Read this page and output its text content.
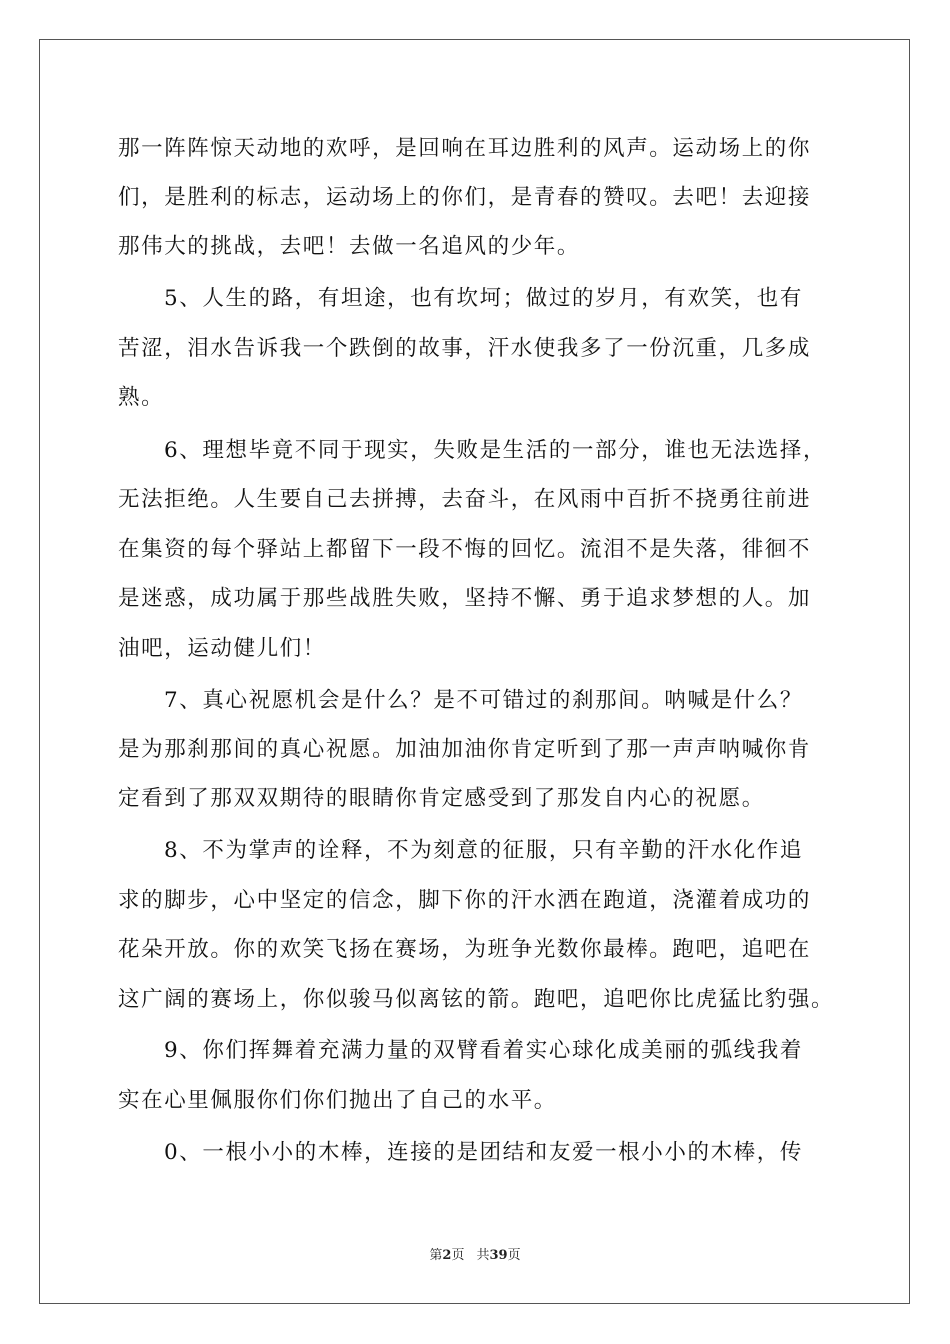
那一阵阵惊天动地的欢呼，是回响在耳边胜利的风声。运动场上的你
们，是胜利的标志，运动场上的你们，是青春的赞叹。去吧！去迎接
那伟大的挑战，去吧！去做一名追风的少年。
5、人生的路，有坦途，也有坎坷；做过的岁月，有欢笑，也有
苦涩，泪水告诉我一个跌倒的故事，汗水使我多了一份沉重，几多成
熟。
6、理想毕竟不同于现实，失败是生活的一部分，谁也无法选择，
无法拒绝。人生要自己去拼搏，去奋斗，在风雨中百折不挠勇往前进
在集资的每个驿站上都留下一段不悔的回忆。流泪不是失落，徘徊不
是迷惑，成功属于那些战胜失败，坚持不懈、勇于追求梦想的人。加
油吧，运动健儿们！
7、真心祝愿机会是什么？是不可错过的刹那间。呐喊是什么？
是为那刹那间的真心祝愿。加油加油你肯定听到了那一声声呐喊你肯
定看到了那双双期待的眼睛你肯定感受到了那发自内心的祝愿。
8、不为掌声的诠释，不为刻意的征服，只有辛勤的汗水化作追
求的脚步，心中坚定的信念，脚下你的汗水洒在跑道，浇灌着成功的
花朵开放。你的欢笑飞扬在赛场，为班争光数你最棒。跑吧，追吧在
这广阔的赛场上，你似骏马似离铉的箭。跑吧，追吧你比虎猛比豹强。
9、你们挥舞着充满力量的双臂看着实心球化成美丽的弧线我着
实在心里佩服你们你们抛出了自己的水平。
0、一根小小的木棒，连接的是团结和友爱一根小小的木棒，传
第2页 共39页
